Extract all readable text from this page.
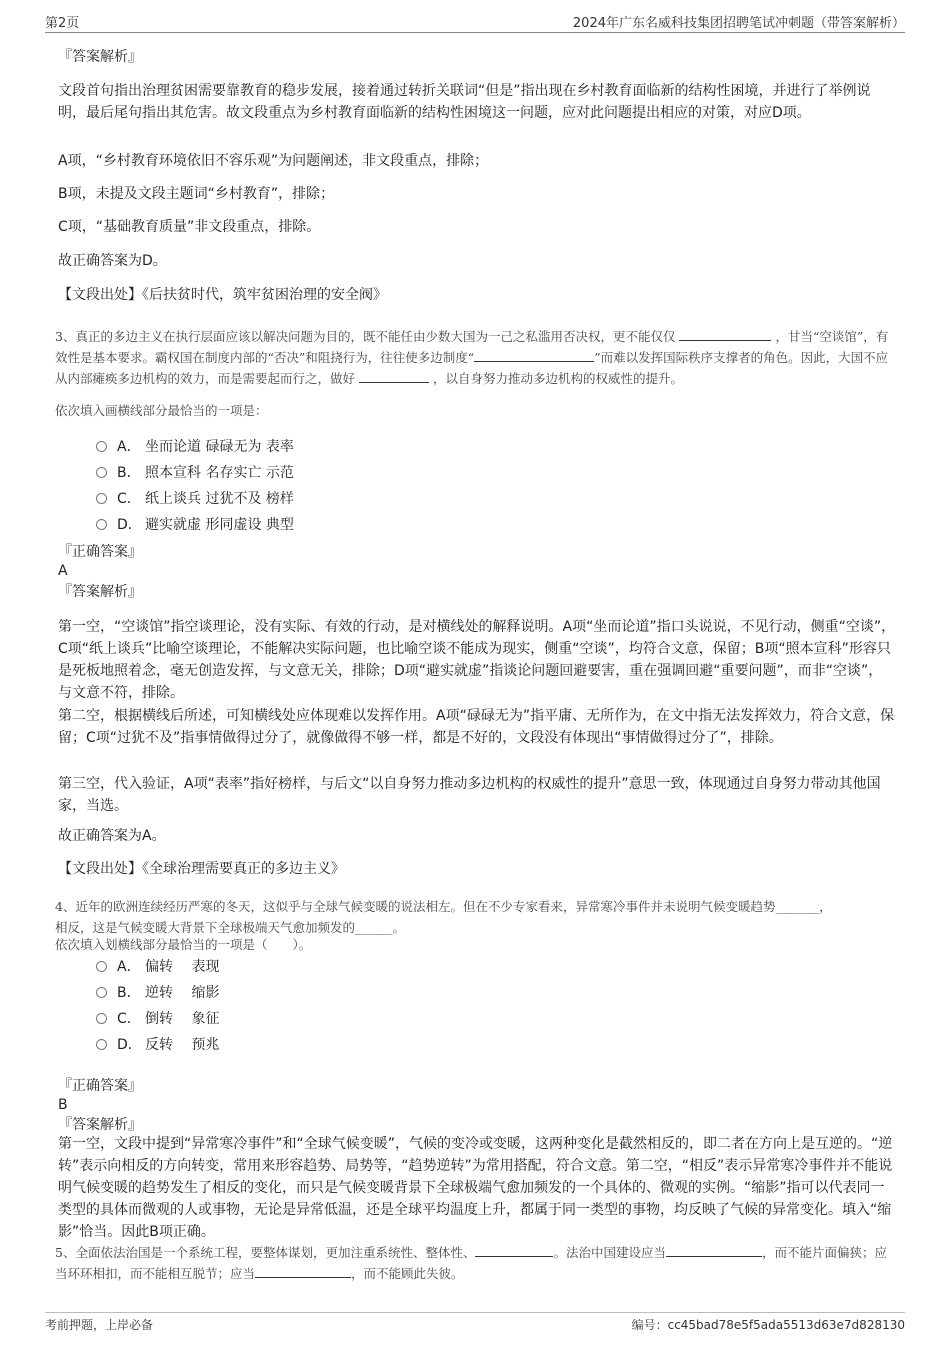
第2页	2024年广东名威科技集团招聘笔试冲刺题（带答案解析）
『答案解析』
文段首句指出治理贫困需要靠教育的稳步发展，接着通过转折关联词“但是”指出现在乡村教育面临新的结构性困境，并进行了举例说明，最后尾句指出其危害。故文段重点为乡村教育面临新的结构性困境这一问题，应对此问题提出相应的对策，对应D项。
A项，“乡村教育环境依旧不容乐观”为问题阐述，非文段重点，排除；
B项，未提及文段主题词“乡村教育”，排除；
C项，“基础教育质量”非文段重点，排除。
故正确答案为D。
【文段出处】《后扶贫时代，筑牢贫困治理的安全阀》
3、真正的多边主义在执行层面应该以解决问题为目的，既不能任由少数大国为一己之私滥用否决权，更不能仅仅	，甘当“空谈馆”，有效性是基本要求。霸权国在制度内部的“否决”和阻挠行为，往往使多边制度“	”而难以发挥国际秩序支撑者的角色。因此，大国不应从内部瘫痪多边机构的效力，而是需要起而行之，做好	，以自身努力推动多边机构的权威性的提升。
依次填入画横线部分最恰当的一项是：
A． 坐而论道 碌碌无为 表率
B． 照本宣科 名存实亡 示范
C． 纸上谈兵 过犹不及 榜样
D． 避实就虚 形同虚设 典型
『正确答案』
A
『答案解析』
第一空，“空谈馆”指空谈理论，没有实际、有效的行动，是对横线处的解释说明。A项“坐而论道”指口头说说，不见行动，侧重“空谈”，C项“纸上谈兵”比喻空谈理论，不能解决实际问题，也比喻空谈不能成为现实，侧重“空谈”，均符合文意，保留；B项“照本宣科”形容只是死板地照着念，毫无创造发挥，与文意无关，排除；D项“避实就虚”指谈论问题回避要害，重在强调回避“重要问题”，而非“空谈”，与文意不符，排除。
第二空，根据横线后所述，可知横线处应体现难以发挥作用。A项“碌碌无为”指平庸、无所作为，在文中指无法发挥效力，符合文意，保留；C项“过犹不及”指事情做得过分了，就像做得不够一样，都是不好的，文段没有体现出“事情做得过分了”，排除。
第三空，代入验证，A项“表率”指好榜样，与后文“以自身努力推动多边机构的权威性的提升”意思一致，体现通过自身努力带动其他国家，当选。
故正确答案为A。
【文段出处】《全球治理需要真正的多边主义》
4、近年的欧洲连续经历严寒的冬天，这似乎与全球气候变暖的说法相左。但在不少专家看来，异常寒冷事件并未说明气候变暖趋势_______，
相反，这是气候变暖大背景下全球极端天气愈加频发的______。
依次填入划横线部分最恰当的一项是（　　）。
A． 偏转　 表现
B． 逆转　 缩影
C． 倒转　 象征
D． 反转　 预兆
『正确答案』
B
『答案解析』
第一空，文段中提到“异常寒冷事件”和“全球气候变暖”，气候的变冷或变暖，这两种变化是截然相反的，即二者在方向上是互逆的。“逆转”表示向相反的方向转变，常用来形容趋势、局势等，“趋势逆转”为常用搭配，符合文意。第二空，“相反”表示异常寒冷事件并不能说明气候变暖的趋势发生了相反的变化，而只是气候变暖背景下全球极端气愈加频发的一个具体的、微观的实例。“缩影”指可以代表同一类型的具体而微观的人或事物，无论是异常低温，还是全球平均温度上升，都属于同一类型的事物，均反映了气候的异常变化。填入“缩影”恰当。因此B项正确。
5、全面依法治国是一个系统工程，要整体谋划，更加注重系统性、整体性、	。法治中国建设应当	，而不能片面偏狭；应当环环相扣，而不能相互脱节；应当	，而不能顾此失彼。
考前押题，上岸必备	编号：cc45bad78e5f5ada5513d63e7d828130
